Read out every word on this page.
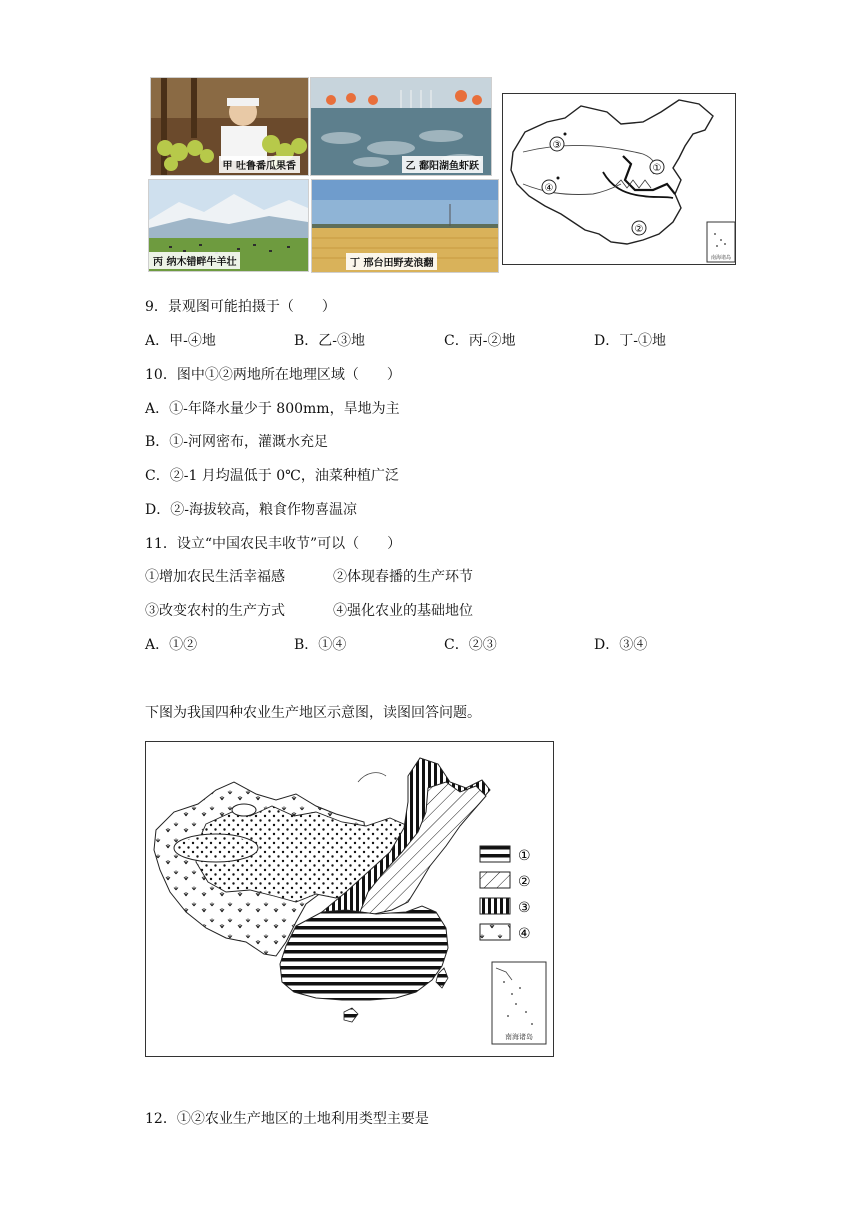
甲 吐鲁番瓜果香	乙 鄱阳湖鱼虾跃
丙 纳木错畔牛羊壮	丁 邢台田野麦浪翻	南海诸岛
①
②
③
④
9．景观图可能拍摄于（　　）
A．甲-④地	B．乙-③地	C．丙-②地	D．丁-①地
10．图中①②两地所在地理区域（　　）
A．①-年降水量少于 800mm，旱地为主
B．①-河网密布，灌溉水充足
C．②-1 月均温低于 0℃，油菜种植广泛
D．②-海拔较高，粮食作物喜温凉
11．设立“中国农民丰收节”可以（　　）
①增加农民生活幸福感	②体现春播的生产环节
③改变农村的生产方式	④强化农业的基础地位
A．①②	B．①④	C．②③	D．③④
下图为我国四种农业生产地区示意图，读图回答问题。
①
②
③
④
南海诸岛
12．①②农业生产地区的土地利用类型主要是
